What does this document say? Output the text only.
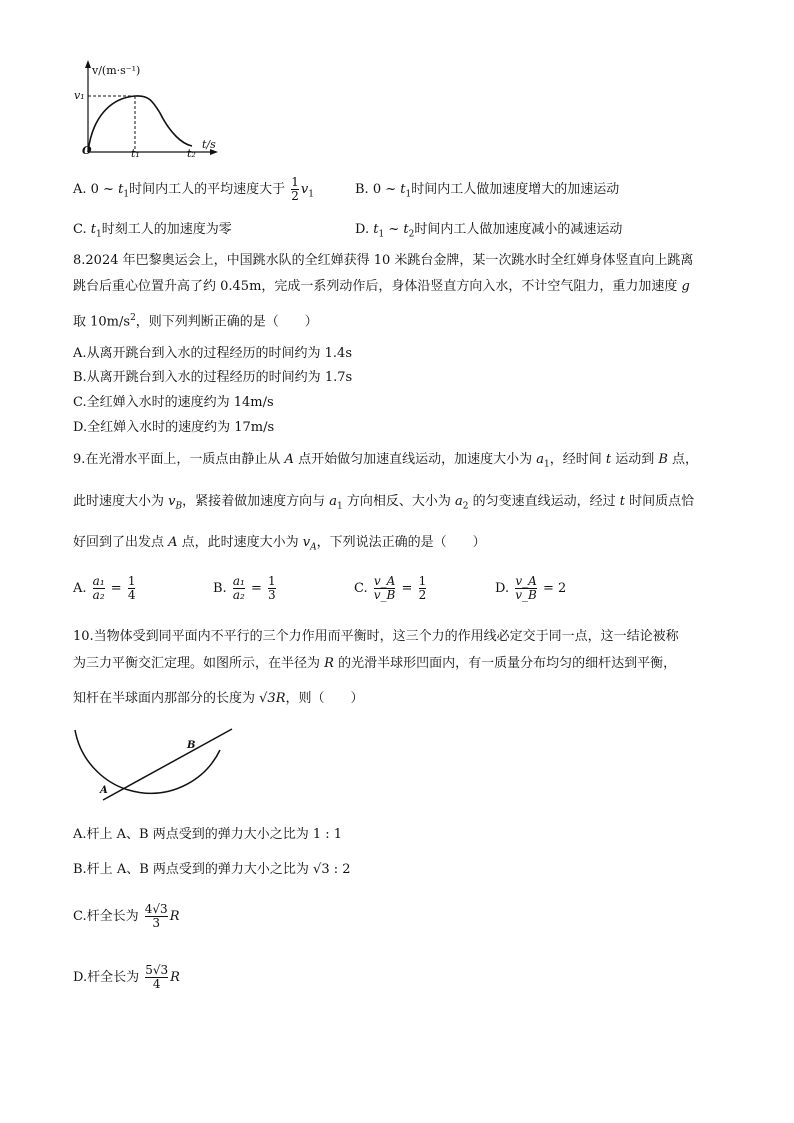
v/(m·s⁻¹)
v₁
O	t₁	t₂
t/s
A. 0 ~ $t_1$时间内工人的平均速度大于 $\frac{1}{2} v_1$	B. 0 ~ $t_1$时间内工人做加速度增大的加速运动
C. $t_1$时刻工人的加速度为零	D. $t_1$ ~ $t_2$时间内工人做加速度减小的减速运动
8.2024 年巴黎奥运会上，中国跳水队的全红婵获得 10 米跳台金牌，某一次跳水时全红婵身体竖直向上跳离
跳台后重心位置升高了约 0.45m，完成一系列动作后，身体沿竖直方向入水，不计空气阻力，重力加速度 g
取 $10m/s^2$，则下列判断正确的是（　　）
A.从离开跳台到入水的过程经历的时间约为 1.4s
B.从离开跳台到入水的过程经历的时间约为 1.7s
C.全红婵入水时的速度约为 14m/s
D.全红婵入水时的速度约为 17m/s
9.在光滑水平面上，一质点由静止从 A 点开始做匀加速直线运动，加速度大小为 $a_1$，经时间 t 运动到 B 点，
此时速度大小为 $v_B$，紧接着做加速度方向与 $a_1$ 方向相反、大小为 $a_2$ 的匀变速直线运动，经过 t 时间质点恰
好回到了出发点 A 点，此时速度大小为 $v_A$，下列说法正确的是（　　）
A. $\frac{\text{a₁}}{\text{a₂}} = \frac{1}{4}$	B. $\frac{\text{a₁}}{\text{a₂}} = \frac{1}{3}$	C. $\frac{v\_A}{v\_B} = \frac{1}{2}$	D. $\frac{v\_A}{v\_B} = 2$
10.当物体受到同平面内不平行的三个力作用而平衡时，这三个力的作用线必定交于同一点，这一结论被称
为三力平衡交汇定理。如图所示，在半径为 R 的光滑半球形凹面内，有一质量分布均匀的细杆达到平衡，
知杆在半球面内那部分的长度为 √3R，则（　　）
A
B
A.杆上 A、B 两点受到的弹力大小之比为 1 : 1
B.杆上 A、B 两点受到的弹力大小之比为 √3 : 2
C.杆全长为 $\frac{4√3}{3}$ R
D.杆全长为 $\frac{5√3}{4}$ R
